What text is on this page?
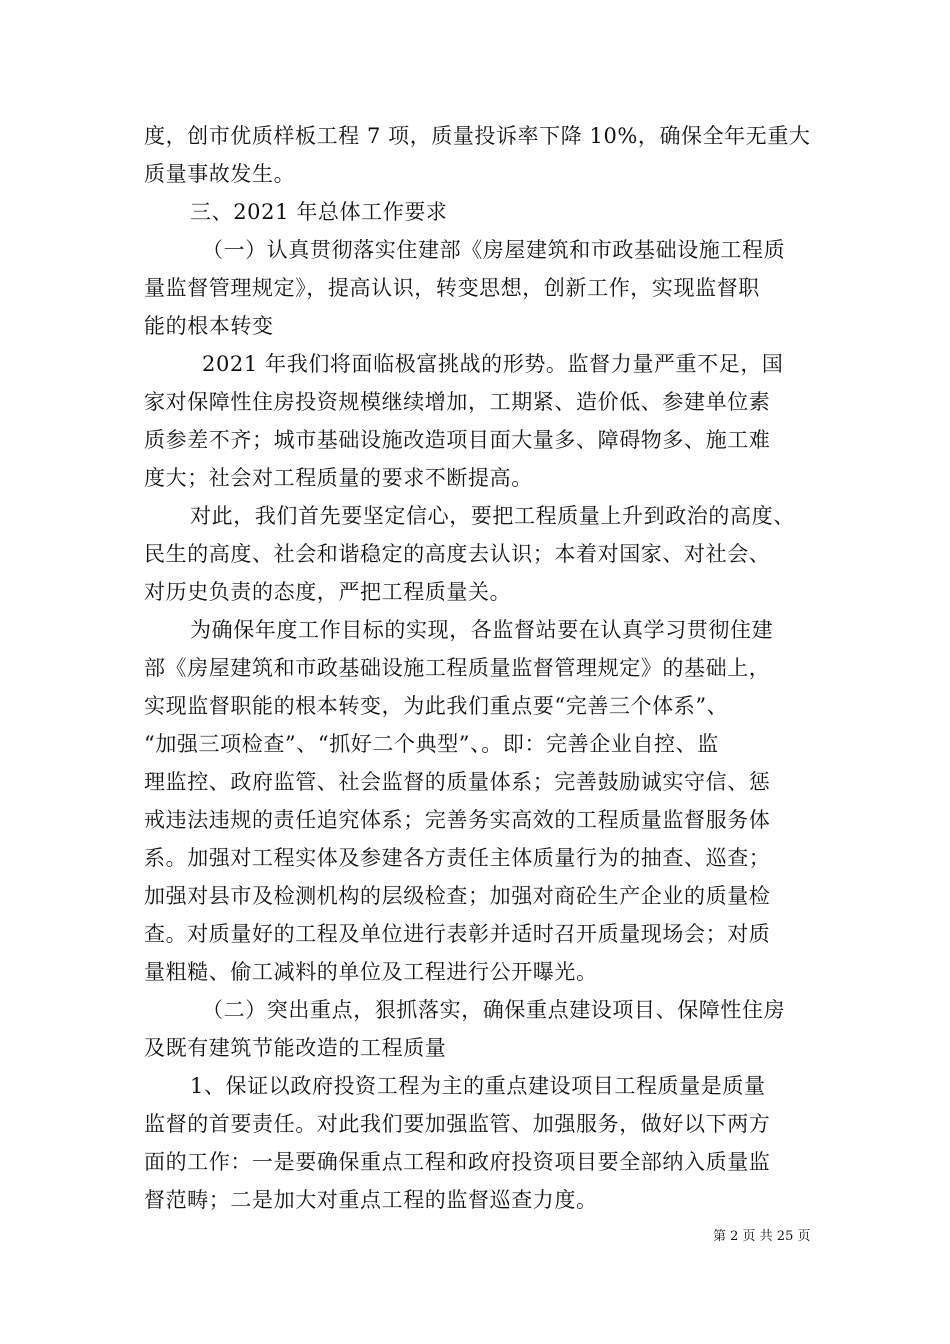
度，创市优质样板工程 7 项，质量投诉率下降 10%，确保全年无重大
质量事故发生。
三、2021 年总体工作要求
（一）认真贯彻落实住建部《房屋建筑和市政基础设施工程质
量监督管理规定》，提高认识，转变思想，创新工作，实现监督职
能的根本转变
2021 年我们将面临极富挑战的形势。监督力量严重不足，国
家对保障性住房投资规模继续增加，工期紧、造价低、参建单位素
质参差不齐；城市基础设施改造项目面大量多、障碍物多、施工难
度大；社会对工程质量的要求不断提高。
对此，我们首先要坚定信心，要把工程质量上升到政治的高度、
民生的高度、社会和谐稳定的高度去认识；本着对国家、对社会、
对历史负责的态度，严把工程质量关。
为确保年度工作目标的实现，各监督站要在认真学习贯彻住建
部《房屋建筑和市政基础设施工程质量监督管理规定》的基础上，
实现监督职能的根本转变，为此我们重点要“完善三个体系”、
“加强三项检查”、“抓好二个典型”、。即：完善企业自控、监
理监控、政府监管、社会监督的质量体系；完善鼓励诚实守信、惩
戒违法违规的责任追究体系；完善务实高效的工程质量监督服务体
系。加强对工程实体及参建各方责任主体质量行为的抽查、巡查；
加强对县市及检测机构的层级检查；加强对商砼生产企业的质量检
查。对质量好的工程及单位进行表彰并适时召开质量现场会；对质
量粗糙、偷工减料的单位及工程进行公开曝光。
（二）突出重点，狠抓落实，确保重点建设项目、保障性住房
及既有建筑节能改造的工程质量
1、保证以政府投资工程为主的重点建设项目工程质量是质量
监督的首要责任。对此我们要加强监管、加强服务，做好以下两方
面的工作：一是要确保重点工程和政府投资项目要全部纳入质量监
督范畴；二是加大对重点工程的监督巡查力度。
第 2 页 共 25 页
